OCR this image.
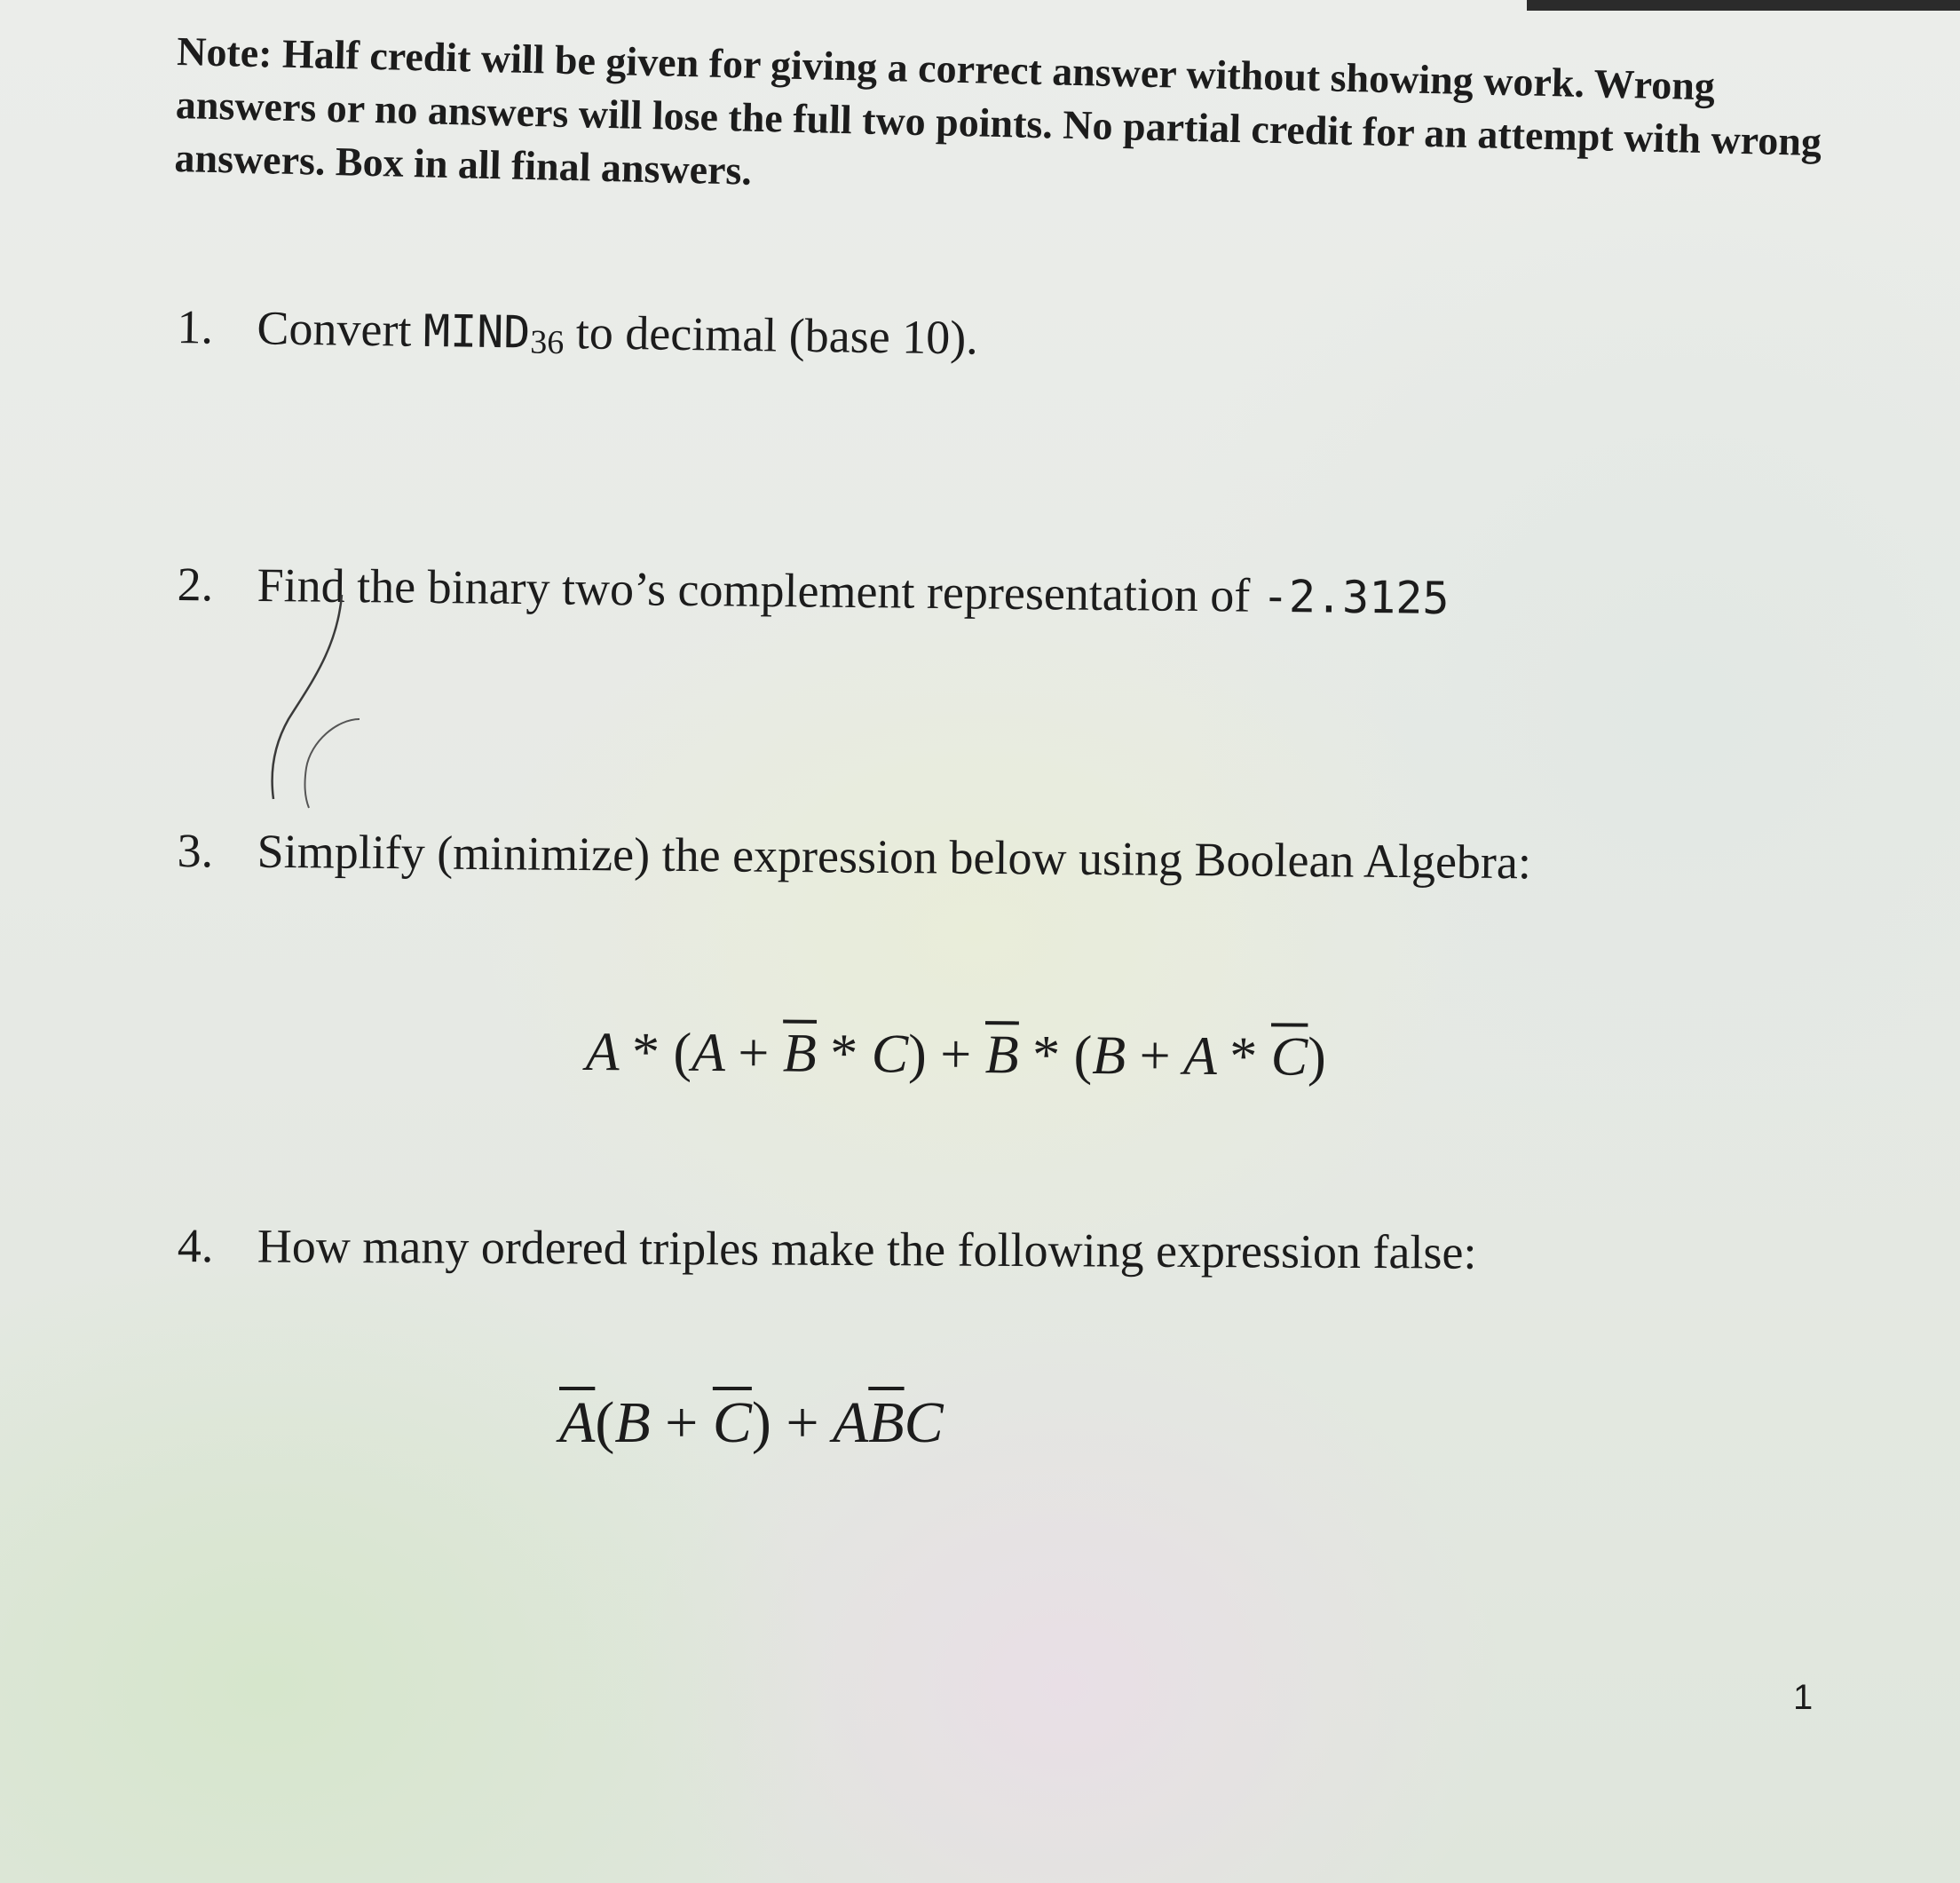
Note: Half credit will be given for giving a correct answer without showing work. Wrong answers or no answers will lose the full two points. No partial credit for an attempt with wrong answers. Box in all final answers.
1. Convert MIND36 to decimal (base 10).
2. Find the binary two’s complement representation of -2.3125
3. Simplify (minimize) the expression below using Boolean Algebra:
$A * (A + \overline{B} * C) + \overline{B} * (B + A * \overline{C})$
4. How many ordered triples make the following expression false:
$\overline{A}(B + \overline{C}) + A\overline{B}C$
1
